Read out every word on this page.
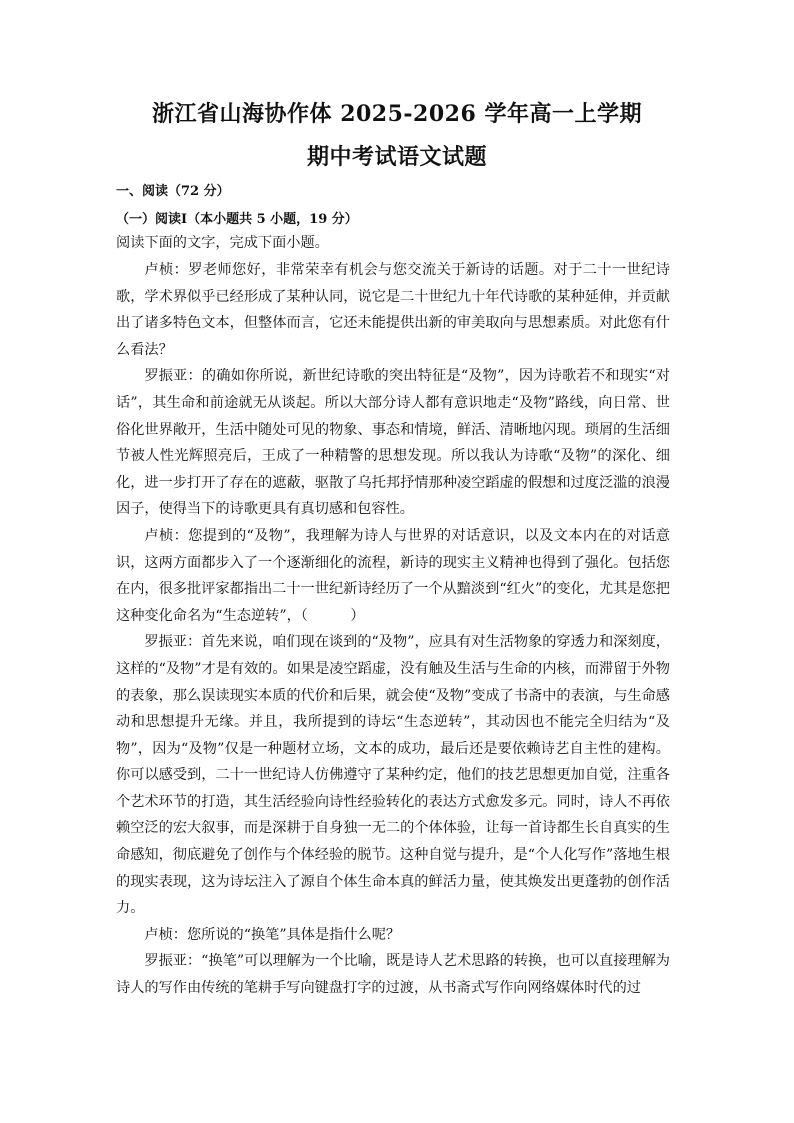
浙江省山海协作体 2025-2026 学年高一上学期
期中考试语文试题
一、阅读（72 分）
（一）阅读Ⅰ（本小题共 5 小题，19 分）
阅读下面的文字，完成下面小题。

卢桢：罗老师您好，非常荣幸有机会与您交流关于新诗的话题。对于二十一世纪诗歌，学术界似乎已经形成了某种认同，说它是二十世纪九十年代诗歌的某种延伸，并贡献出了诸多特色文本，但整体而言，它还未能提供出新的审美取向与思想素质。对此您有什么看法？

罗振亚：的确如你所说，新世纪诗歌的突出特征是“及物”，因为诗歌若不和现实“对话”，其生命和前途就无从谈起。所以大部分诗人都有意识地走“及物”路线，向日常、世俗化世界敞开，生活中随处可见的物象、事态和情境，鲜活、清晰地闪现。琐屑的生活细节被人性光辉照亮后，王成了一种精警的思想发现。所以我认为诗歌“及物”的深化、细化，进一步打开了存在的遮蔽，驱散了乌托邦抒情那种凌空蹈虚的假想和过度泛滥的浪漫因子，使得当下的诗歌更具有真切感和包容性。

卢桢：您提到的“及物”，我理解为诗人与世界的对话意识，以及文本内在的对话意识，这两方面都步入了一个逐渐细化的流程，新诗的现实主义精神也得到了强化。包括您在内，很多批评家都指出二十一世纪新诗经历了一个从黯淡到“红火”的变化，尤其是您把这种变化命名为“生态逆转”，（　　　）

罗振亚：首先来说，咱们现在谈到的“及物”，应具有对生活物象的穿透力和深刻度，这样的“及物”才是有效的。如果是凌空蹈虚，没有触及生活与生命的内核，而滞留于外物的表象，那么误读现实本质的代价和后果，就会使“及物”变成了书斋中的表演，与生命感动和思想提升无缘。并且，我所提到的诗坛“生态逆转”，其动因也不能完全归结为“及物”，因为“及物”仅是一种题材立场，文本的成功，最后还是要依赖诗艺自主性的建构。你可以感受到，二十一世纪诗人仿佛遵守了某种约定，他们的技艺思想更加自觉，注重各个艺术环节的打造，其生活经验向诗性经验转化的表达方式愈发多元。同时，诗人不再依赖空泛的宏大叙事，而是深耕于自身独一无二的个体体验，让每一首诗都生长自真实的生命感知，彻底避免了创作与个体经验的脱节。这种自觉与提升，是“个人化写作”落地生根的现实表现，这为诗坛注入了源自个体生命本真的鲜活力量，使其焕发出更蓬勃的创作活力。

卢桢：您所说的“换笔”具体是指什么呢？

罗振亚：“换笔”可以理解为一个比喻，既是诗人艺术思路的转换，也可以直接理解为诗人的写作由传统的笔耕手写向键盘打字的过渡，从书斋式写作向网络媒体时代的过
